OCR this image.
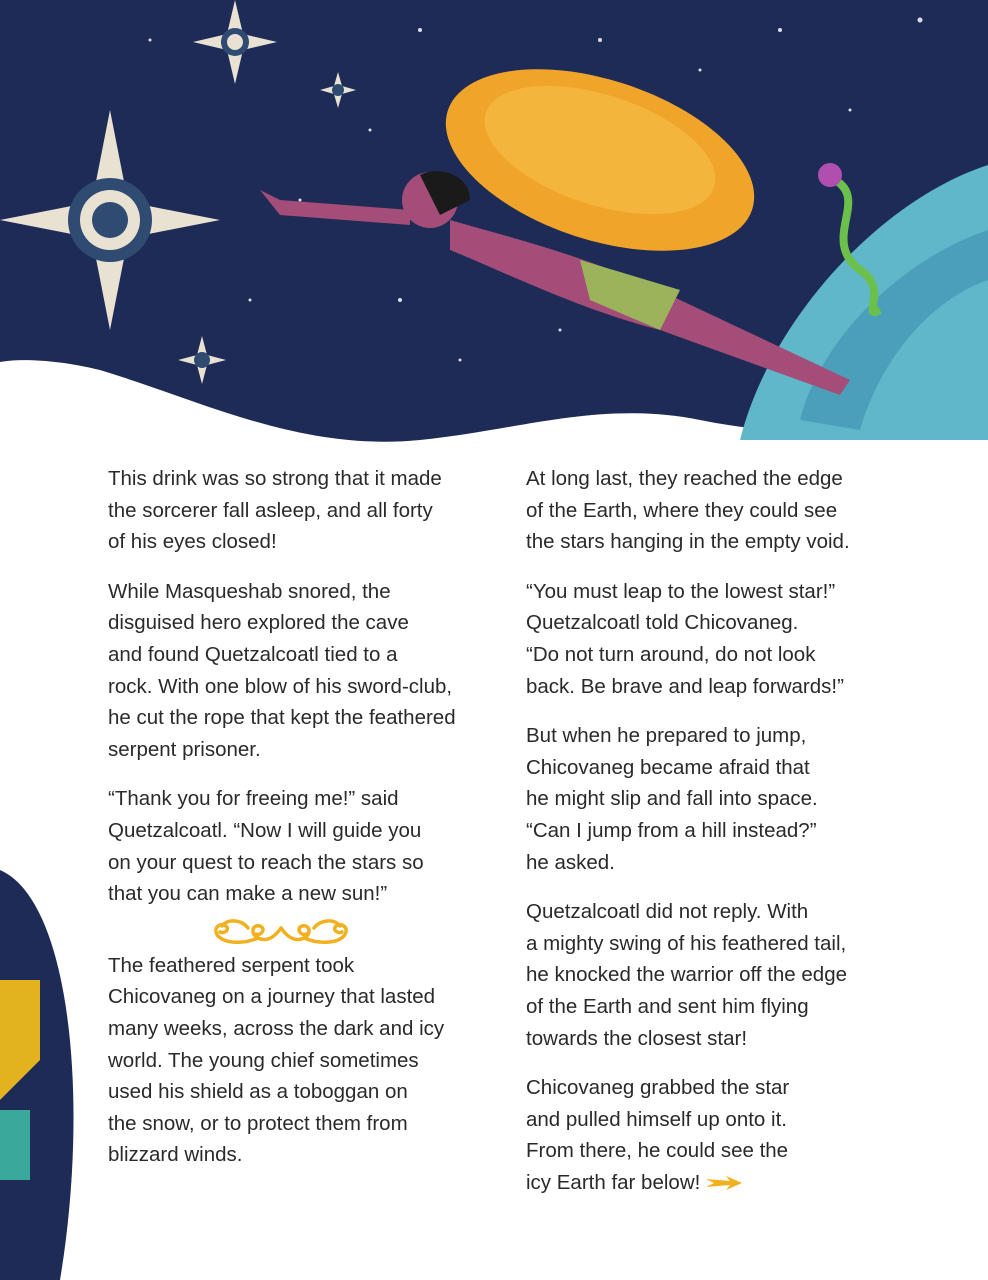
This drink was so strong that it made
the sorcerer fall asleep, and all forty
of his eyes closed!

While Masqueshab snored, the
disguised hero explored the cave
and found Quetzalcoatl tied to a
rock. With one blow of his sword-club,
he cut the rope that kept the feathered
serpent prisoner.

“Thank you for freeing me!” said
Quetzalcoatl. “Now I will guide you
on your quest to reach the stars so
that you can make a new sun!”

The feathered serpent took
Chicovaneg on a journey that lasted
many weeks, across the dark and icy
world. The young chief sometimes
used his shield as a toboggan on
the snow, or to protect them from
blizzard winds.

At long last, they reached the edge
of the Earth, where they could see
the stars hanging in the empty void.

“You must leap to the lowest star!”
Quetzalcoatl told Chicovaneg.
“Do not turn around, do not look
back. Be brave and leap forwards!”

But when he prepared to jump,
Chicovaneg became afraid that
he might slip and fall into space.
“Can I jump from a hill instead?”
he asked.

Quetzalcoatl did not reply. With
a mighty swing of his feathered tail,
he knocked the warrior off the edge
of the Earth and sent him flying
towards the closest star!

Chicovaneg grabbed the star
and pulled himself up onto it.
From there, he could see the
icy Earth far below!
